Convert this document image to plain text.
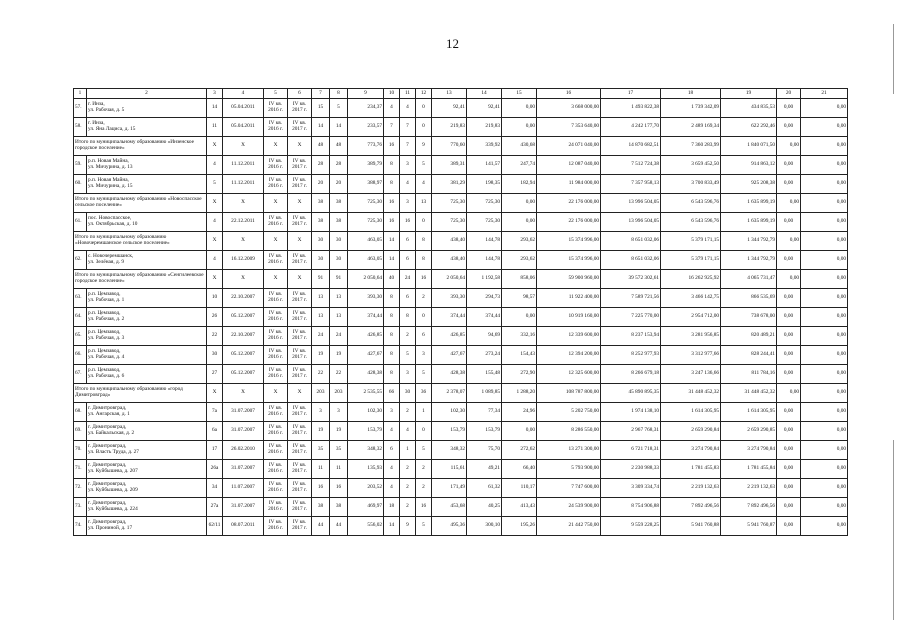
12
1	2	3	4	5	6	7	8	9	10	11	12	13	14	15	16	17	18	19	20	21
57.	г. Инза,
ул. Рабочая, д. 5	14	05.04.2011	IV кв.
2016 г.	IV кв.
2017 г.	15	5	234,37	4	4	0	92,41	92,41	0,00	3 668 000,00	1 493 822,38	1 739 342,09	434 835,53	0,00	0,00
58.	г. Инза,
ул. Яна Лациса, д. 15	11	05.04.2011	IV кв.
2016 г.	IV кв.
2017 г.	14	14	233,57	7	7	0	219,83	219,83	0,00	7 353 640,00	4 242 177,70	2 489 169,34	622 292,46	0,00	0,00
Итого по муниципальному образованию «Инзенское городское поселение»		X	X	X	X	48	48	773,76	16	7	9	770,60	339,92	430,68	24 071 040,00	14 870 682,51	7 360 283,99	1 840 071,50	0,00	0,00
59.	р.п. Новая Майна,
ул. Мичурина, д. 13	4	11.12.2011	IV кв.
2016 г.	IV кв.
2017 г.	28	28	389,79	8	3	5	389,31	141,57	247,74	12 087 040,00	7 512 724,38	3 659 452,50	914 863,12	0,00	0,00
60.	р.п. Новая Майна,
ул. Мичурина, д. 15	5	11.12.2011	IV кв.
2016 г.	IV кв.
2017 г.	20	20	388,97	8	4	4	381,29	198,35	182,94	11 984 000,00	7 357 958,13	3 700 833,49	925 208,38	0,00	0,00
Итого по муниципальному образованию «Новоспасское сельское поселение»		X	X	X	X	38	38	725,30	16	3	13	725,30	725,30	0,00	22 176 000,00	13 996 504,05	6 543 596,76	1 635 899,19	0,00	0,00
61.	пос. Новоспасское,
ул. Октябрьская, д. 10	4	22.12.2011	IV кв.
2016 г.	IV кв.
2017 г.	38	38	725,30	16	16	0	725,30	725,30	0,00	22 176 000,00	13 996 504,05	6 543 596,76	1 635 899,19	0,00	0,00
Итого по муниципальному образованию «Новочеремшанское сельское поселение»		X	X	X	X	30	30	463,05	14	6	8	438,40	144,78	293,62	15 374 996,00	8 651 032,06	5 379 171,15	1 344 792,79	0,00	0,00
62.	с. Новочеремшанск,
ул. Зелёная, д. 9	4	16.12.2009	IV кв.
2016 г.	IV кв.
2017 г.	30	30	463,05	14	6	8	438,40	144,78	293,62	15 374 996,00	8 651 032,06	5 379 171,15	1 344 792,79	0,00	0,00
Итого по муниципальному образованию «Сенгилеевское городское поселение»		X	X	X	X	91	91	2 050,64	40	24	16	2 050,64	1 192,58	858,06	59 900 960,00	39 572 302,61	16 262 925,92	4 065 731,47	0,00	0,00
63.	р.п. Цемзавод,
ул. Рабочая, д. 1	10	22.10.2007	IV кв.
2016 г.	IV кв.
2017 г.	13	13	393,30	8	6	2	393,30	294,73	98,57	11 922 400,00	7 589 721,56	3 466 142,75	866 535,69	0,00	0,00
64.	р.п. Цемзавод,
ул. Рабочая, д. 2	26	05.12.2007	IV кв.
2016 г.	IV кв.
2017 г.	13	13	374,44	8	8	0	374,44	374,44	0,00	10 919 160,00	7 225 770,00	2 954 712,00	738 678,00	0,00	0,00
65.	р.п. Цемзавод,
ул. Рабочая, д. 3	22	22.10.2007	IV кв.
2016 г.	IV кв.
2017 г.	24	24	426,85	8	2	6	426,85	94,69	332,16	12 339 600,00	8 237 153,94	3 281 956,85	820 489,21	0,00	0,00
66.	р.п. Цемзавод,
ул. Рабочая, д. 4	30	05.12.2007	IV кв.
2016 г.	IV кв.
2017 г.	19	19	427,67	8	5	3	427,67	273,24	154,43	12 394 200,00	8 252 977,93	3 312 977,66	828 244,41	0,00	0,00
67.	р.п. Цемзавод,
ул. Рабочая, д. 6	27	05.12.2007	IV кв.
2016 г.	IV кв.
2017 г.	22	22	428,38	8	3	5	428,38	155,48	272,90	12 325 600,00	8 266 679,18	3 247 136,66	811 784,16	0,00	0,00
Итого по муниципальному образованию «город Димитровград»		X	X	X	X	203	203	2 535,55	66	30	36	2 378,07	1 089,85	1 288,20	108 787 800,00	45 890 895,35	31 448 452,32	31 448 452,32	0,00	0,00
68.	г. Димитровград,
ул. Ангарская, д. 1	7а	31.07.2007	IV кв.
2016 г.	IV кв.
2017 г.	3	3	102,30	3	2	1	102,30	77,34	24,96	5 202 750,00	1 974 138,10	1 614 305,95	1 614 305,95	0,00	0,00
69.	г. Димитровград,
ул. Байкальская, д. 2	6а	31.07.2007	IV кв.
2016 г.	IV кв.
2017 г.	19	19	153,79	4	4	0	153,79	153,79	0,00	8 286 550,00	2 967 768,31	2 659 290,84	2 659 290,85	0,00	0,00
70.	г. Димитровград,
ул. Власть Труда, д. 27	17	26.02.2010	IV кв.
2016 г.	IV кв.
2017 г.	35	35	348,32	6	1	5	348,32	75,70	272,62	13 271 300,00	6 721 718,31	3 274 790,84	3 274 790,84	0,00	0,00
71.	г. Димитровград,
ул. Куйбышева, д. 207	26а	31.07.2007	IV кв.
2016 г.	IV кв.
2017 г.	11	11	135,93	4	2	2	115,61	49,21	66,40	5 793 900,00	2 230 988,33	1 781 455,83	1 781 455,84	0,00	0,00
72.	г. Димитровград,
ул. Куйбышева, д. 209	34	11.07.2007	IV кв.
2016 г.	IV кв.
2017 г.	16	16	203,52	4	2	2	171,49	61,32	110,17	7 747 600,00	3 309 334,74	2 219 132,63	2 219 132,63	0,00	0,00
73.	г. Димитровград,
ул. Куйбышева, д. 224	27а	31.07.2007	IV кв.
2016 г.	IV кв.
2017 г.	38	38	469,97	18	2	16	453,68	40,25	413,43	24 539 900,00	8 754 906,88	7 892 496,56	7 892 496,56	0,00	0,00
74.	г. Димитровград,
ул. Прониной, д. 17	62/11	08.07.2011	IV кв.
2016 г.	IV кв.
2017 г.	44	44	556,02	14	9	5	495,36	300,10	195,26	21 442 750,00	9 559 228,25	5 941 760,88	5 941 760,87	0,00	0,00
